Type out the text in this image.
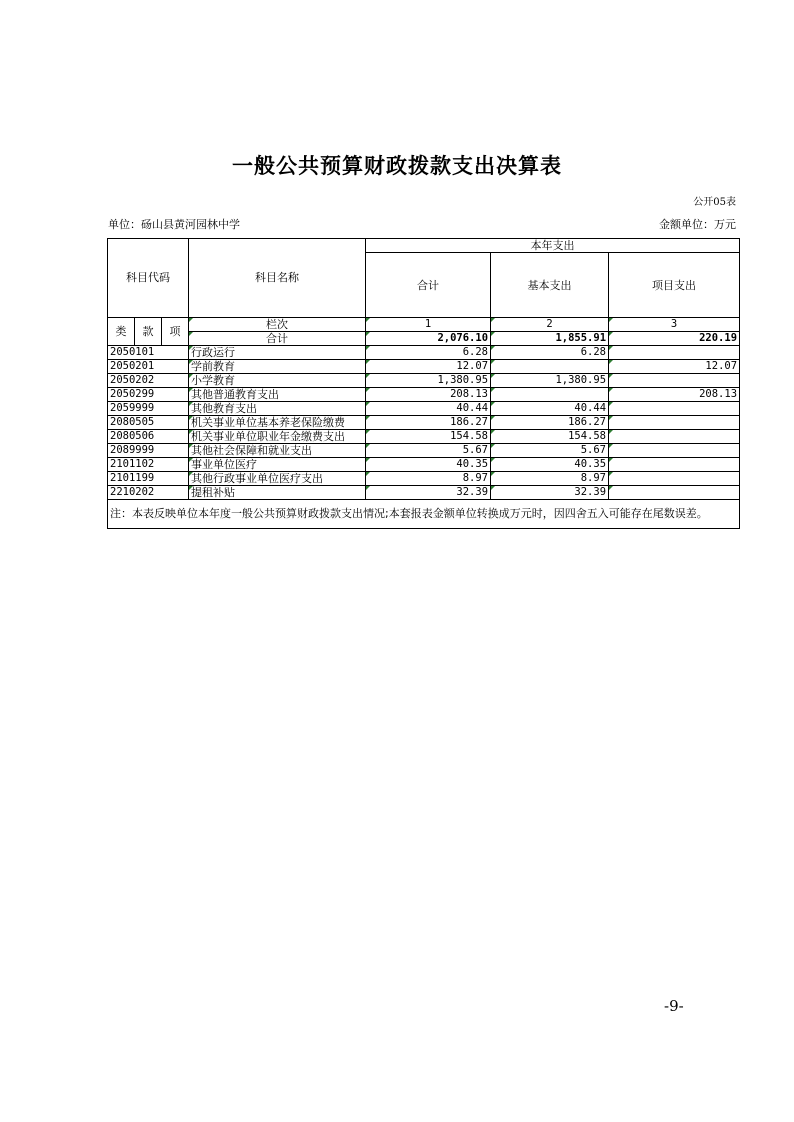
一般公共预算财政拨款支出决算表
公开05表
单位：砀山县黄河园林中学	金额单位：万元
科目代码			科目名称	本年支出		
				合计	基本支出	项目支出
类	款	项	栏次	1	2	3
			合计	2,076.10	1,855.91	220.19
2050101			行政运行	6.28	6.28	
2050201			学前教育	12.07		12.07
2050202			小学教育	1,380.95	1,380.95	
2050299			其他普通教育支出	208.13		208.13
2059999			其他教育支出	40.44	40.44	
2080505			机关事业单位基本养老保险缴费	186.27	186.27	
2080506			机关事业单位职业年金缴费支出	154.58	154.58	
2089999			其他社会保障和就业支出	5.67	5.67	
2101102			事业单位医疗	40.35	40.35	
2101199			其他行政事业单位医疗支出	8.97	8.97	
2210202			提租补贴	32.39	32.39	
注：本表反映单位本年度一般公共预算财政拨款支出情况;本套报表金额单位转换成万元时，因四舍五入可能存在尾数误差。						
-9-
